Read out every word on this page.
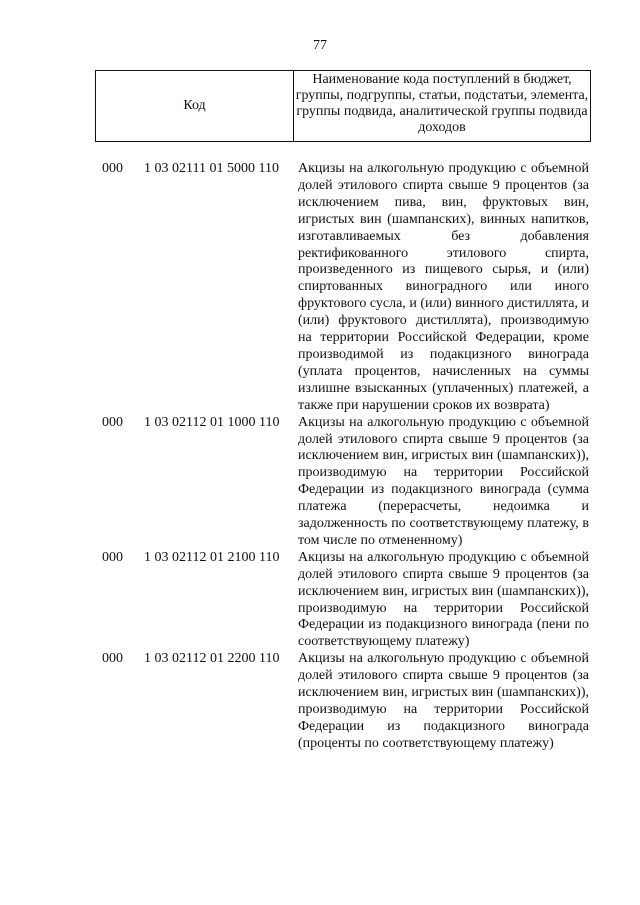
77
Код
Наименование кода поступлений в бюджет, группы, подгруппы, статьи, подстатьи, элемента, группы подвида, аналитической группы подвида доходов
000 1 03 02111 01 5000 110 Акцизы на алкогольную продукцию с объемной долей этилового спирта свыше 9 процентов (за исключением пива, вин, фруктовых вин, игристых вин (шампанских), винных напитков, изготавливаемых без добавления ректификованного этилового спирта, произведенного из пищевого сырья, и (или) спиртованных виноградного или иного фруктового сусла, и (или) винного дистиллята, и (или) фруктового дистиллята), производимую на территории Российской Федерации, кроме производимой из подакцизного винограда (уплата процентов, начисленных на суммы излишне взысканных (уплаченных) платежей, а также при нарушении сроков их возврата)
000 1 03 02112 01 1000 110 Акцизы на алкогольную продукцию с объемной долей этилового спирта свыше 9 процентов (за исключением вин, игристых вин (шампанских)), производимую на территории Российской Федерации из подакцизного винограда (сумма платежа (перерасчеты, недоимка и задолженность по соответствующему платежу, в том числе по отмененному)
000 1 03 02112 01 2100 110 Акцизы на алкогольную продукцию с объемной долей этилового спирта свыше 9 процентов (за исключением вин, игристых вин (шампанских)), производимую на территории Российской Федерации из подакцизного винограда (пени по соответствующему платежу)
000 1 03 02112 01 2200 110 Акцизы на алкогольную продукцию с объемной долей этилового спирта свыше 9 процентов (за исключением вин, игристых вин (шампанских)), производимую на территории Российской Федерации из подакцизного винограда (проценты по соответствующему платежу)
